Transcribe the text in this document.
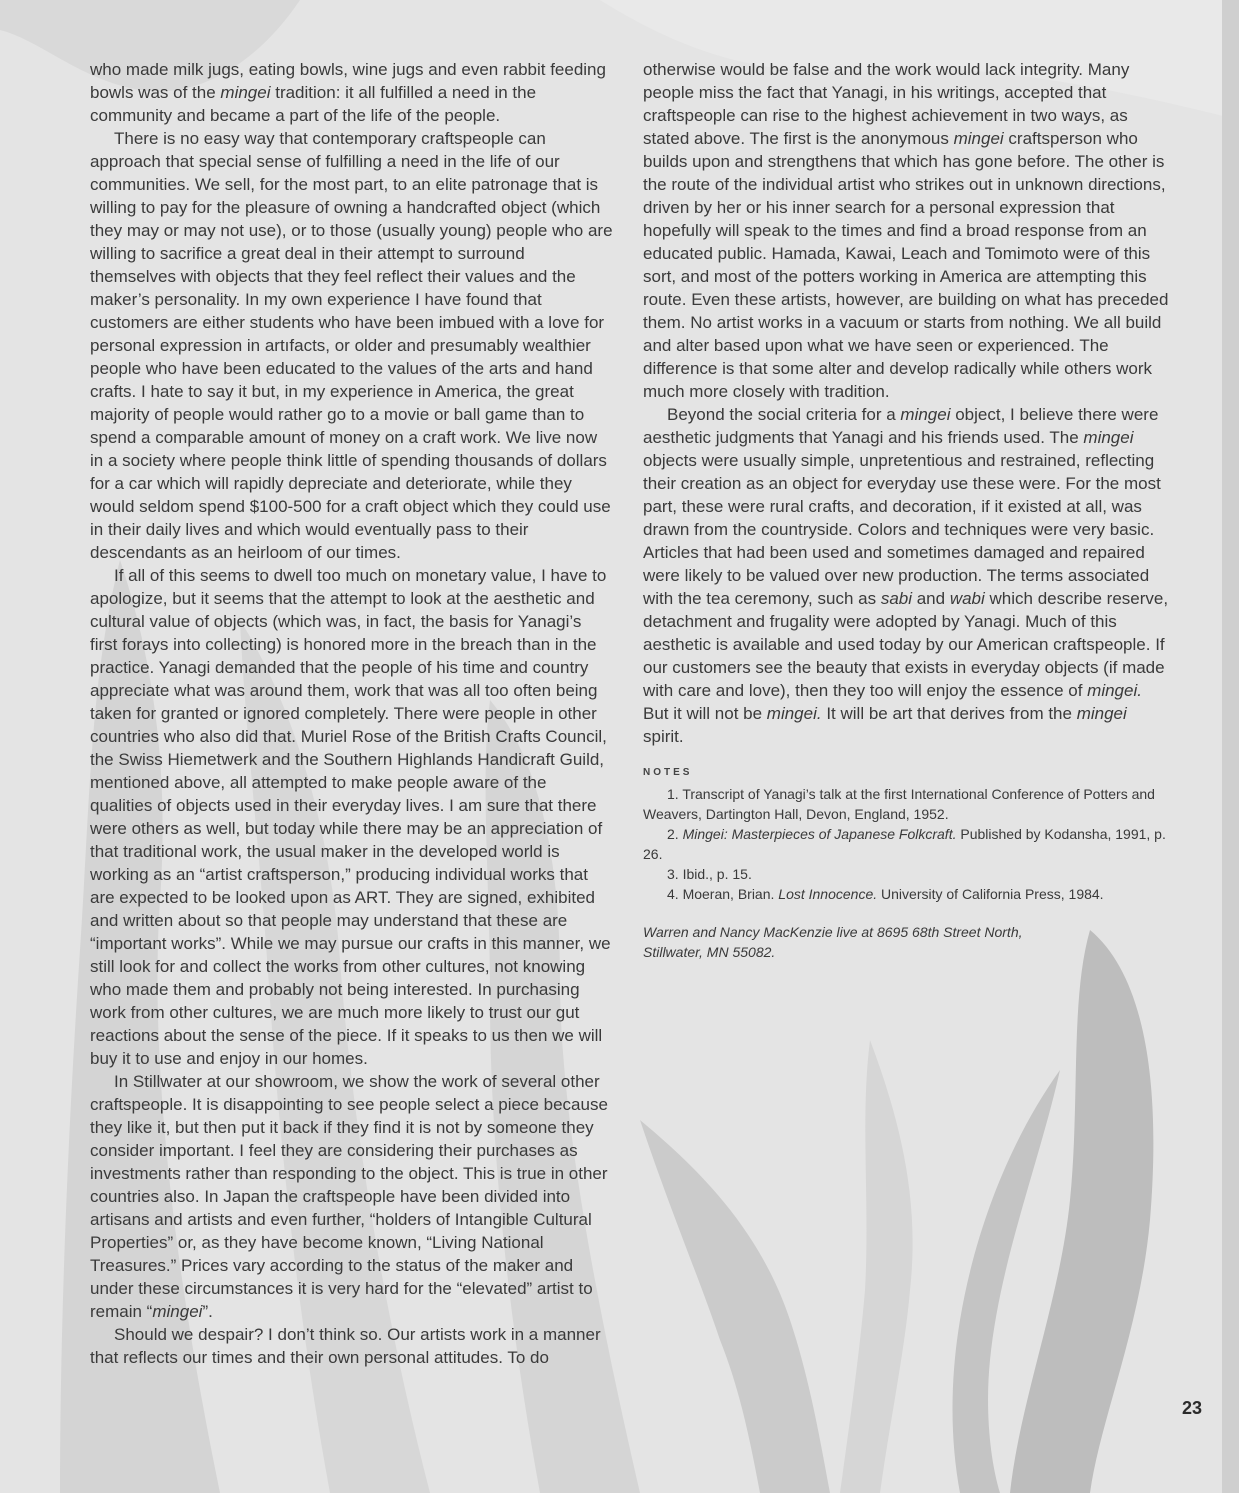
who made milk jugs, eating bowls, wine jugs and even rabbit feeding bowls was of the mingei tradition: it all fulfilled a need in the community and became a part of the life of the people.

There is no easy way that contemporary craftspeople can approach that special sense of fulfilling a need in the life of our communities. We sell, for the most part, to an elite patronage that is willing to pay for the pleasure of owning a handcrafted object (which they may or may not use), or to those (usually young) people who are willing to sacrifice a great deal in their attempt to surround themselves with objects that they feel reflect their values and the maker’s personality. In my own experience I have found that customers are either students who have been imbued with a love for personal expression in artıfacts, or older and presumably wealthier people who have been educated to the values of the arts and hand crafts. I hate to say it but, in my experience in America, the great majority of people would rather go to a movie or ball game than to spend a comparable amount of money on a craft work. We live now in a society where people think little of spending thousands of dollars for a car which will rapidly depreciate and deteriorate, while they would seldom spend $100-500 for a craft object which they could use in their daily lives and which would eventually pass to their descendants as an heirloom of our times.

If all of this seems to dwell too much on monetary value, I have to apologize, but it seems that the attempt to look at the aesthetic and cultural value of objects (which was, in fact, the basis for Yanagi’s first forays into collecting) is honored more in the breach than in the practice. Yanagi demanded that the people of his time and country appreciate what was around them, work that was all too often being taken for granted or ignored completely. There were people in other countries who also did that. Muriel Rose of the British Crafts Council, the Swiss Hiemetwerk and the Southern Highlands Handicraft Guild, mentioned above, all attempted to make people aware of the qualities of objects used in their everyday lives. I am sure that there were others as well, but today while there may be an appreciation of that traditional work, the usual maker in the developed world is working as an “artist craftsperson,” producing individual works that are expected to be looked upon as ART. They are signed, exhibited and written about so that people may understand that these are “important works”. While we may pursue our crafts in this manner, we still look for and collect the works from other cultures, not knowing who made them and probably not being interested. In purchasing work from other cultures, we are much more likely to trust our gut reactions about the sense of the piece. If it speaks to us then we will buy it to use and enjoy in our homes.

In Stillwater at our showroom, we show the work of several other craftspeople. It is disappointing to see people select a piece because they like it, but then put it back if they find it is not by someone they consider important. I feel they are considering their purchases as investments rather than responding to the object. This is true in other countries also. In Japan the craftspeople have been divided into artisans and artists and even further, “holders of Intangible Cultural Properties” or, as they have become known, “Living National Treasures.” Prices vary according to the status of the maker and under these circumstances it is very hard for the “elevated” artist to remain “mingei”.

Should we despair? I don’t think so. Our artists work in a manner that reflects our times and their own personal attitudes. To do

otherwise would be false and the work would lack integrity. Many people miss the fact that Yanagi, in his writings, accepted that craftspeople can rise to the highest achievement in two ways, as stated above. The first is the anonymous mingei craftsperson who builds upon and strengthens that which has gone before. The other is the route of the individual artist who strikes out in unknown directions, driven by her or his inner search for a personal expression that hopefully will speak to the times and find a broad response from an educated public. Hamada, Kawai, Leach and Tomimoto were of this sort, and most of the potters working in America are attempting this route. Even these artists, however, are building on what has preceded them. No artist works in a vacuum or starts from nothing. We all build and alter based upon what we have seen or experienced. The difference is that some alter and develop radically while others work much more closely with tradition.

Beyond the social criteria for a mingei object, I believe there were aesthetic judgments that Yanagi and his friends used. The mingei objects were usually simple, unpretentious and restrained, reflecting their creation as an object for everyday use these were. For the most part, these were rural crafts, and decoration, if it existed at all, was drawn from the countryside. Colors and techniques were very basic. Articles that had been used and sometimes damaged and repaired were likely to be valued over new production. The terms associated with the tea ceremony, such as sabi and wabi which describe reserve, detachment and frugality were adopted by Yanagi. Much of this aesthetic is available and used today by our American craftspeople. If our customers see the beauty that exists in everyday objects (if made with care and love), then they too will enjoy the essence of mingei. But it will not be mingei. It will be art that derives from the mingei spirit.

NOTES

1. Transcript of Yanagi’s talk at the first International Conference of Potters and Weavers, Dartington Hall, Devon, England, 1952.

2. Mingei: Masterpieces of Japanese Folkcraft. Published by Kodansha, 1991, p. 26.

3. Ibid., p. 15.

4. Moeran, Brian. Lost Innocence. University of California Press, 1984.

Warren and Nancy MacKenzie live at 8695 68th Street North,
Stillwater, MN 55082.
23
